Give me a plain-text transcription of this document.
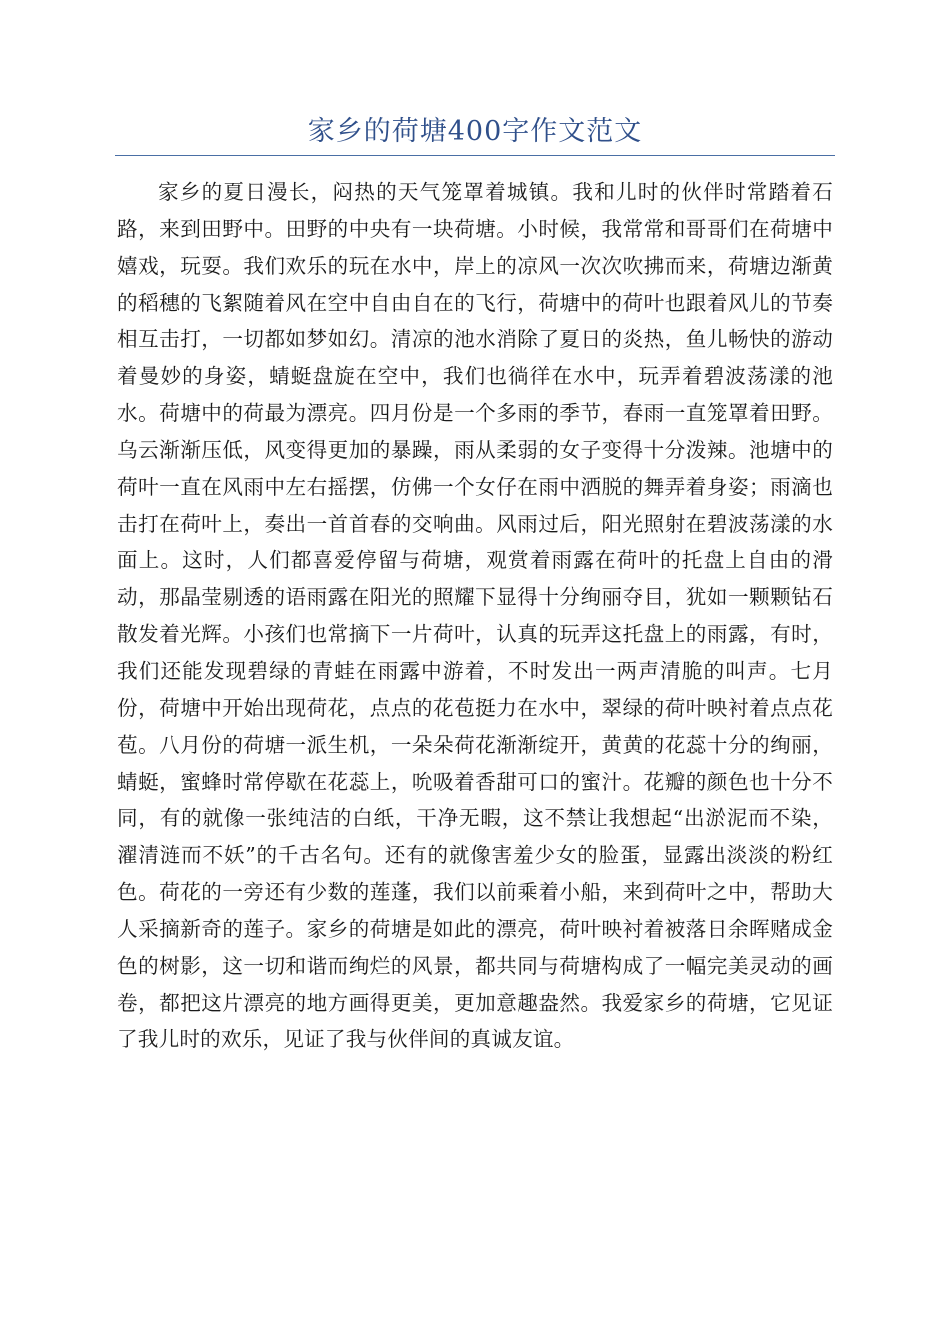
家乡的荷塘400字作文范文

家乡的夏日漫长，闷热的天气笼罩着城镇。我和儿时的伙伴时常踏着石路，来到田野中。田野的中央有一块荷塘。小时候，我常常和哥哥们在荷塘中嬉戏，玩耍。我们欢乐的玩在水中，岸上的凉风一次次吹拂而来，荷塘边渐黄的稻穗的飞絮随着风在空中自由自在的飞行，荷塘中的荷叶也跟着风儿的节奏相互击打，一切都如梦如幻。清凉的池水消除了夏日的炎热，鱼儿畅快的游动着曼妙的身姿，蜻蜓盘旋在空中，我们也徜徉在水中，玩弄着碧波荡漾的池水。荷塘中的荷最为漂亮。四月份是一个多雨的季节，春雨一直笼罩着田野。乌云渐渐压低，风变得更加的暴躁，雨从柔弱的女子变得十分泼辣。池塘中的荷叶一直在风雨中左右摇摆，仿佛一个女仔在雨中洒脱的舞弄着身姿；雨滴也击打在荷叶上，奏出一首首春的交响曲。风雨过后，阳光照射在碧波荡漾的水面上。这时，人们都喜爱停留与荷塘，观赏着雨露在荷叶的托盘上自由的滑动，那晶莹剔透的语雨露在阳光的照耀下显得十分绚丽夺目，犹如一颗颗钻石散发着光辉。小孩们也常摘下一片荷叶，认真的玩弄这托盘上的雨露，有时，我们还能发现碧绿的青蛙在雨露中游着，不时发出一两声清脆的叫声。七月份，荷塘中开始出现荷花，点点的花苞挺力在水中，翠绿的荷叶映衬着点点花苞。八月份的荷塘一派生机，一朵朵荷花渐渐绽开，黄黄的花蕊十分的绚丽，蜻蜓，蜜蜂时常停歇在花蕊上，吮吸着香甜可口的蜜汁。花瓣的颜色也十分不同，有的就像一张纯洁的白纸，干净无暇，这不禁让我想起“出淤泥而不染，濯清涟而不妖”的千古名句。还有的就像害羞少女的脸蛋，显露出淡淡的粉红色。荷花的一旁还有少数的莲蓬，我们以前乘着小船，来到荷叶之中，帮助大人采摘新奇的莲子。家乡的荷塘是如此的漂亮，荷叶映衬着被落日余晖赌成金色的树影，这一切和谐而绚烂的风景，都共同与荷塘构成了一幅完美灵动的画卷，都把这片漂亮的地方画得更美，更加意趣盎然。我爱家乡的荷塘，它见证了我儿时的欢乐，见证了我与伙伴间的真诚友谊。
